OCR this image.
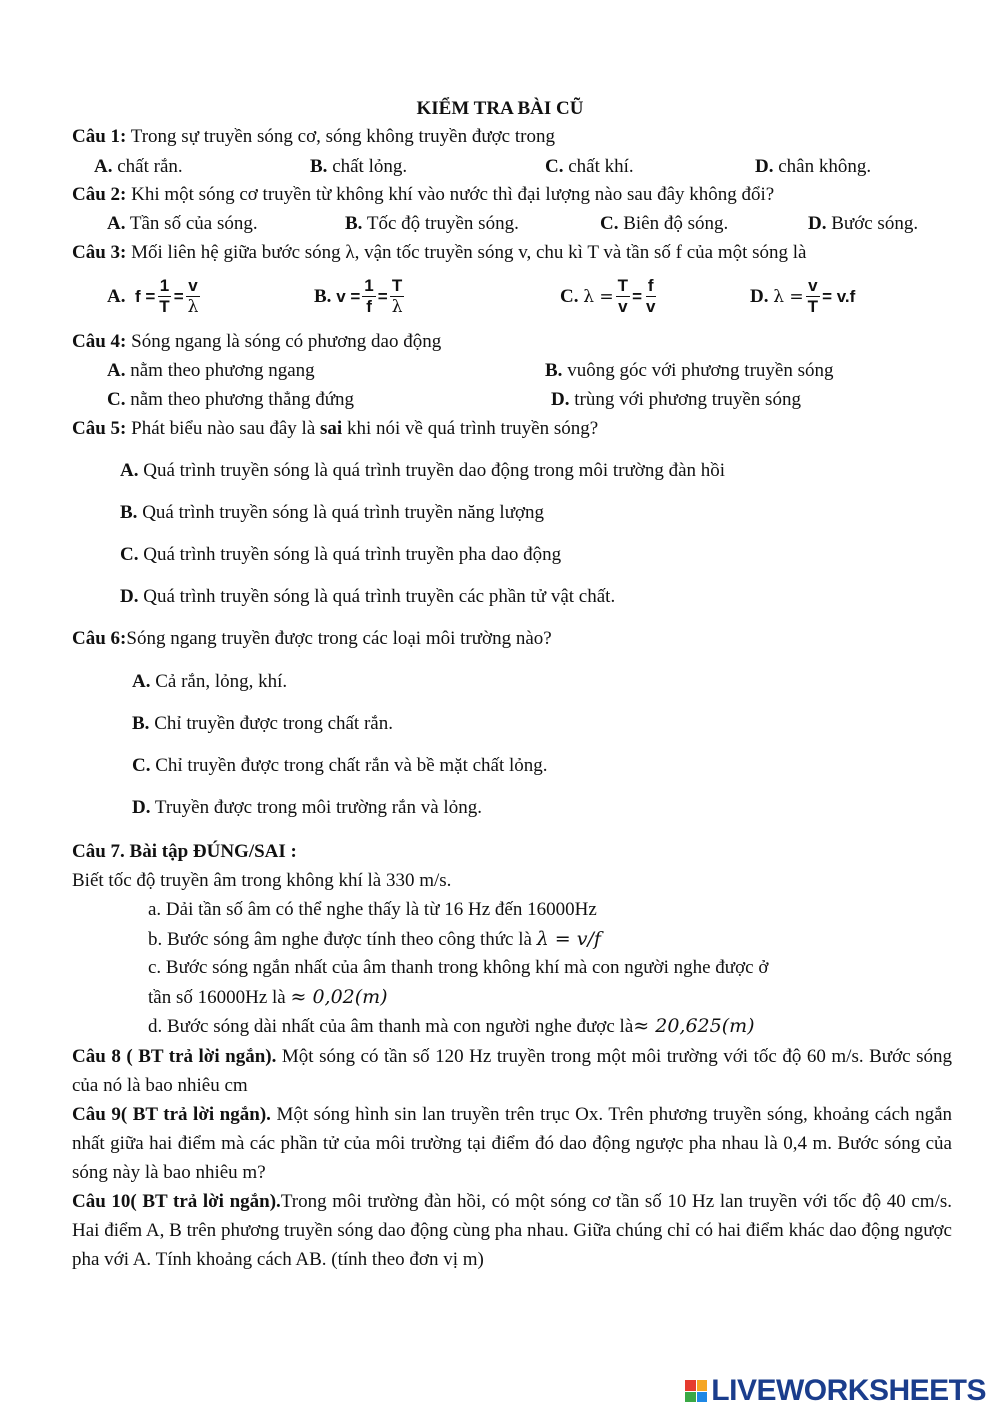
KIỂM TRA BÀI CŨ
Câu 1: Trong sự truyền sóng cơ, sóng không truyền được trong
A. chất rắn.	B. chất lỏng.	C. chất khí.	D. chân không.
Câu 2: Khi một sóng cơ truyền từ không khí vào nước thì đại lượng nào sau đây không đổi?
A. Tần số của sóng.	B. Tốc độ truyền sóng.	C. Biên độ sóng.	D. Bước sóng.
Câu 3: Mối liên hệ giữa bước sóng λ, vận tốc truyền sóng v, chu kì T và tần số f của một sóng là
A.
$f = \frac{1}{T} = \frac{v}{\lambda}$	B.
$v = \frac{1}{f} = \frac{T}{\lambda}$	C.
$\lambda = \frac{T}{v} = \frac{f}{v}$	D.
$\lambda = \frac{v}{T} = v.f$
Câu 4: Sóng ngang là sóng có phương dao động
A. nằm theo phương ngang	B. vuông góc với phương truyền sóng
C. nằm theo phương thẳng đứng	D. trùng với phương truyền sóng
Câu 5: Phát biểu nào sau đây là sai khi nói về quá trình truyền sóng?
A. Quá trình truyền sóng là quá trình truyền dao động trong môi trường đàn hồi
B. Quá trình truyền sóng là quá trình truyền năng lượng
C. Quá trình truyền sóng là quá trình truyền pha dao động
D. Quá trình truyền sóng là quá trình truyền các phần tử vật chất.
Câu 6:Sóng ngang truyền được trong các loại môi trường nào?
A. Cả rắn, lỏng, khí.
B. Chỉ truyền được trong chất rắn.
C. Chỉ truyền được trong chất rắn và bề mặt chất lỏng.
D. Truyền được trong môi trường rắn và lỏng.
Câu 7. Bài tập ĐÚNG/SAI :
Biết tốc độ truyền âm trong không khí là 330 m/s.
a. Dải tần số âm có thể nghe thấy là từ 16 Hz đến 16000Hz
b. Bước sóng âm nghe được tính theo công thức là λ = v/f
c. Bước sóng ngắn nhất của âm thanh trong không khí mà con người nghe được ở
tần số 16000Hz là ≈ 0,02(m)
d. Bước sóng dài nhất của âm thanh mà con người nghe được là≈ 20,625(m)
Câu 8 ( BT trả lời ngắn). Một sóng có tần số 120 Hz truyền trong một môi trường với tốc độ 60 m/s. Bước sóng của nó là bao nhiêu cm
Câu 9( BT trả lời ngắn). Một sóng hình sin lan truyền trên trục Ox. Trên phương truyền sóng, khoảng cách ngắn nhất giữa hai điểm mà các phần tử của môi trường tại điểm đó dao động ngược pha nhau là 0,4 m. Bước sóng của sóng này là bao nhiêu m?
Câu 10( BT trả lời ngắn).Trong môi trường đàn hồi, có một sóng cơ tần số 10 Hz lan truyền với tốc độ 40 cm/s. Hai điểm A, B trên phương truyền sóng dao động cùng pha nhau. Giữa chúng chỉ có hai điểm khác dao động ngược pha với A. Tính khoảng cách AB. (tính theo đơn vị m)
LIVEWORKSHEETS
